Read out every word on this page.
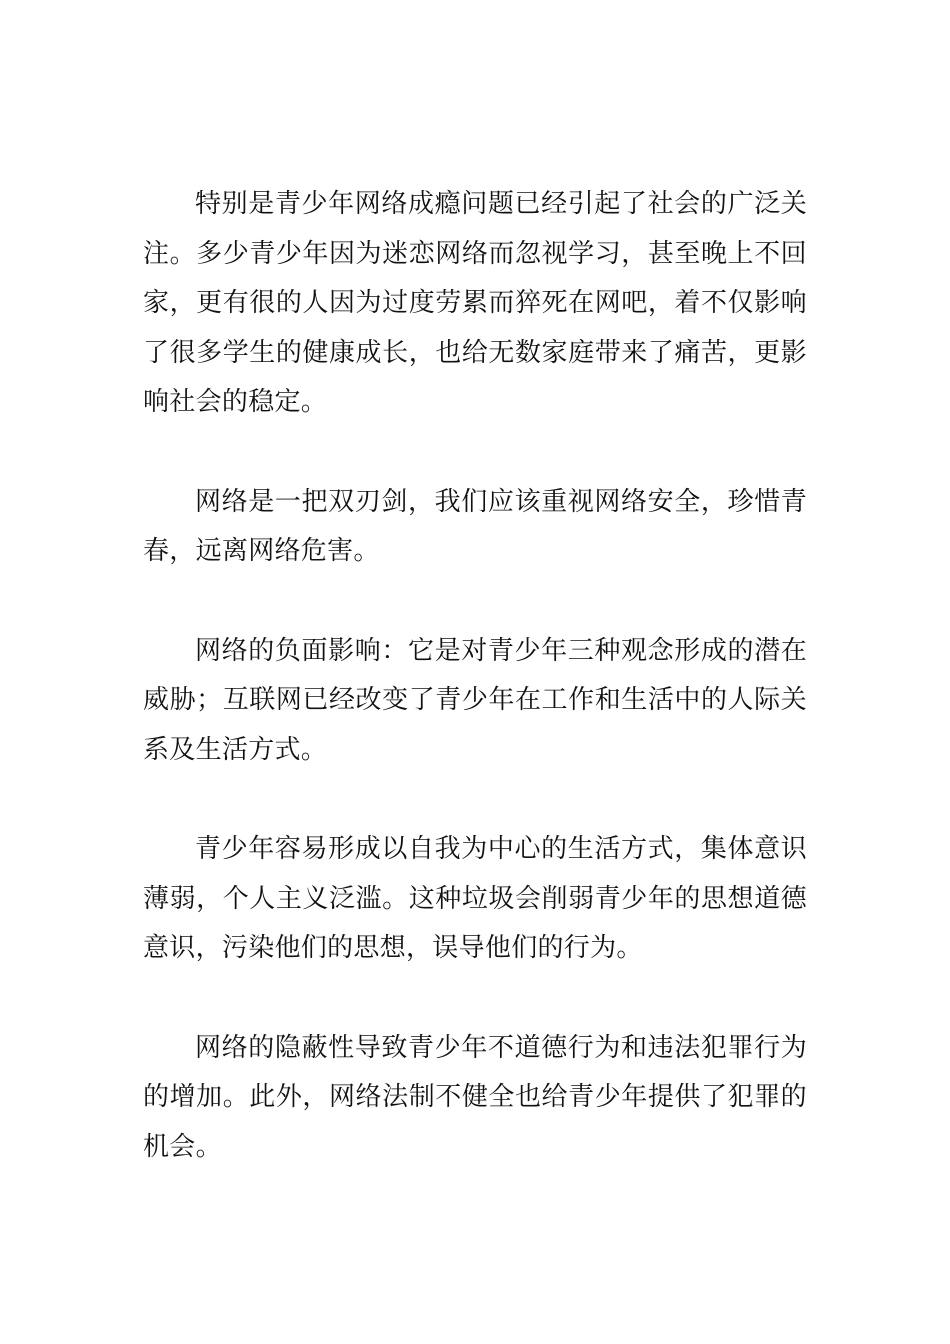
特别是青少年网络成瘾问题已经引起了社会的广泛关注。多少青少年因为迷恋网络而忽视学习，甚至晚上不回家，更有很的人因为过度劳累而猝死在网吧，着不仅影响了很多学生的健康成长，也给无数家庭带来了痛苦，更影响社会的稳定。

网络是一把双刃剑，我们应该重视网络安全，珍惜青春，远离网络危害。

网络的负面影响：它是对青少年三种观念形成的潜在威胁；互联网已经改变了青少年在工作和生活中的人际关系及生活方式。

青少年容易形成以自我为中心的生活方式，集体意识薄弱，个人主义泛滥。这种垃圾会削弱青少年的思想道德意识，污染他们的思想，误导他们的行为。

网络的隐蔽性导致青少年不道德行为和违法犯罪行为的增加。此外，网络法制不健全也给青少年提供了犯罪的机会。
